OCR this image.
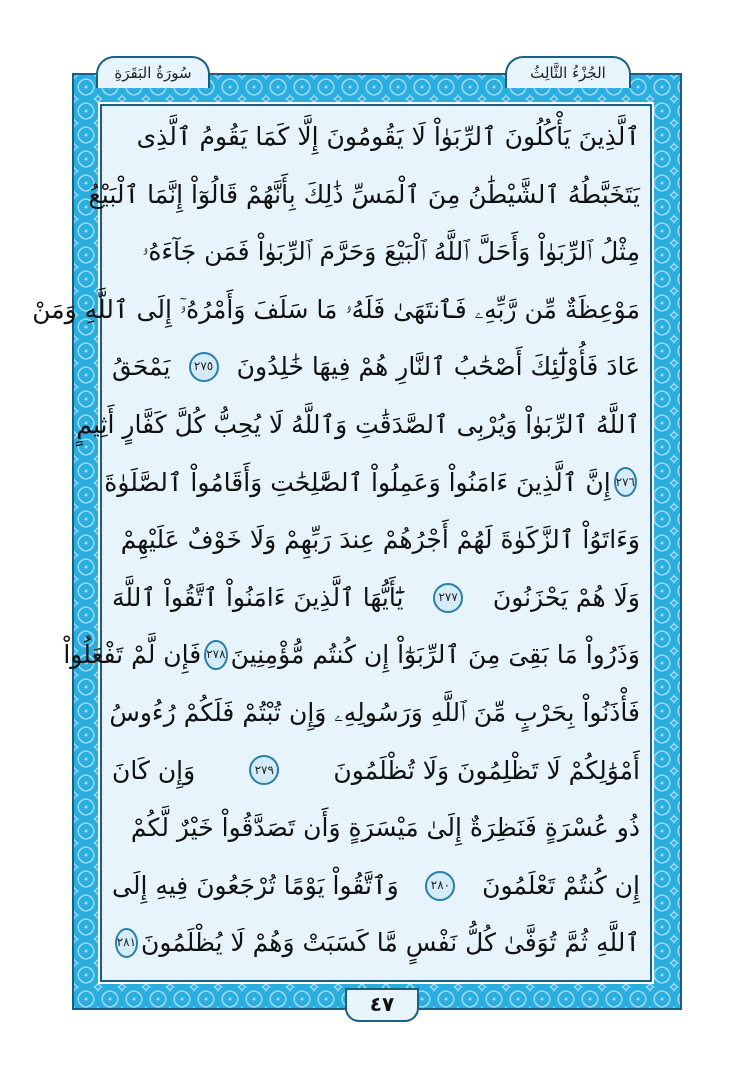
سُورَةُ البَقَرَةِ	الجُزْءُ الثَّالِثُ
ٱلَّذِينَ يَأْكُلُونَ ٱلرِّبَوٰاْ لَا يَقُومُونَ إِلَّا كَمَا يَقُومُ ٱلَّذِى
يَتَخَبَّطُهُ ٱلشَّيْطَٰنُ مِنَ ٱلْمَسِّ ذَٰلِكَ بِأَنَّهُمْ قَالُوٓاْ إِنَّمَا ٱلْبَيْعُ
مِثْلُ ٱلرِّبَوٰاْ وَأَحَلَّ ٱللَّهُ ٱلْبَيْعَ وَحَرَّمَ ٱلرِّبَوٰاْ فَمَن جَآءَهُۥ
مَوْعِظَةٌ مِّن رَّبِّهِۦ فَٱنتَهَىٰ فَلَهُۥ مَا سَلَفَ وَأَمْرُهُۥٓ إِلَى ٱللَّهِ وَمَنْ
عَادَ فَأُوْلَٰٓئِكَ أَصْحَٰبُ ٱلنَّارِ هُمْ فِيهَا خَٰلِدُونَ
٢٧٥
يَمْحَقُ
ٱللَّهُ ٱلرِّبَوٰاْ وَيُرْبِى ٱلصَّدَقَٰتِ وَٱللَّهُ لَا يُحِبُّ كُلَّ كَفَّارٍ أَثِيمٍ
٢٧٦
إِنَّ ٱلَّذِينَ ءَامَنُواْ وَعَمِلُواْ ٱلصَّٰلِحَٰتِ وَأَقَامُواْ ٱلصَّلَوٰةَ
وَءَاتَوُاْ ٱلزَّكَوٰةَ لَهُمْ أَجْرُهُمْ عِندَ رَبِّهِمْ وَلَا خَوْفٌ عَلَيْهِمْ
وَلَا هُمْ يَحْزَنُونَ
٢٧٧
يَٰٓأَيُّهَا ٱلَّذِينَ ءَامَنُواْ ٱتَّقُواْ ٱللَّهَ
وَذَرُواْ مَا بَقِىَ مِنَ ٱلرِّبَوٰٓاْ إِن كُنتُم مُّؤْمِنِينَ
٢٧٨
فَإِن لَّمْ تَفْعَلُواْ
فَأْذَنُواْ بِحَرْبٍ مِّنَ ٱللَّهِ وَرَسُولِهِۦ وَإِن تُبْتُمْ فَلَكُمْ رُءُوسُ
أَمْوَٰلِكُمْ لَا تَظْلِمُونَ وَلَا تُظْلَمُونَ
٢٧٩
وَإِن كَانَ
ذُو عُسْرَةٍ فَنَظِرَةٌ إِلَىٰ مَيْسَرَةٍ وَأَن تَصَدَّقُواْ خَيْرٌ لَّكُمْ
إِن كُنتُمْ تَعْلَمُونَ
٢٨٠
وَٱتَّقُواْ يَوْمًا تُرْجَعُونَ فِيهِ إِلَى
ٱللَّهِ ثُمَّ تُوَفَّىٰ كُلُّ نَفْسٍ مَّا كَسَبَتْ وَهُمْ لَا يُظْلَمُونَ
٢٨١
٤٧
